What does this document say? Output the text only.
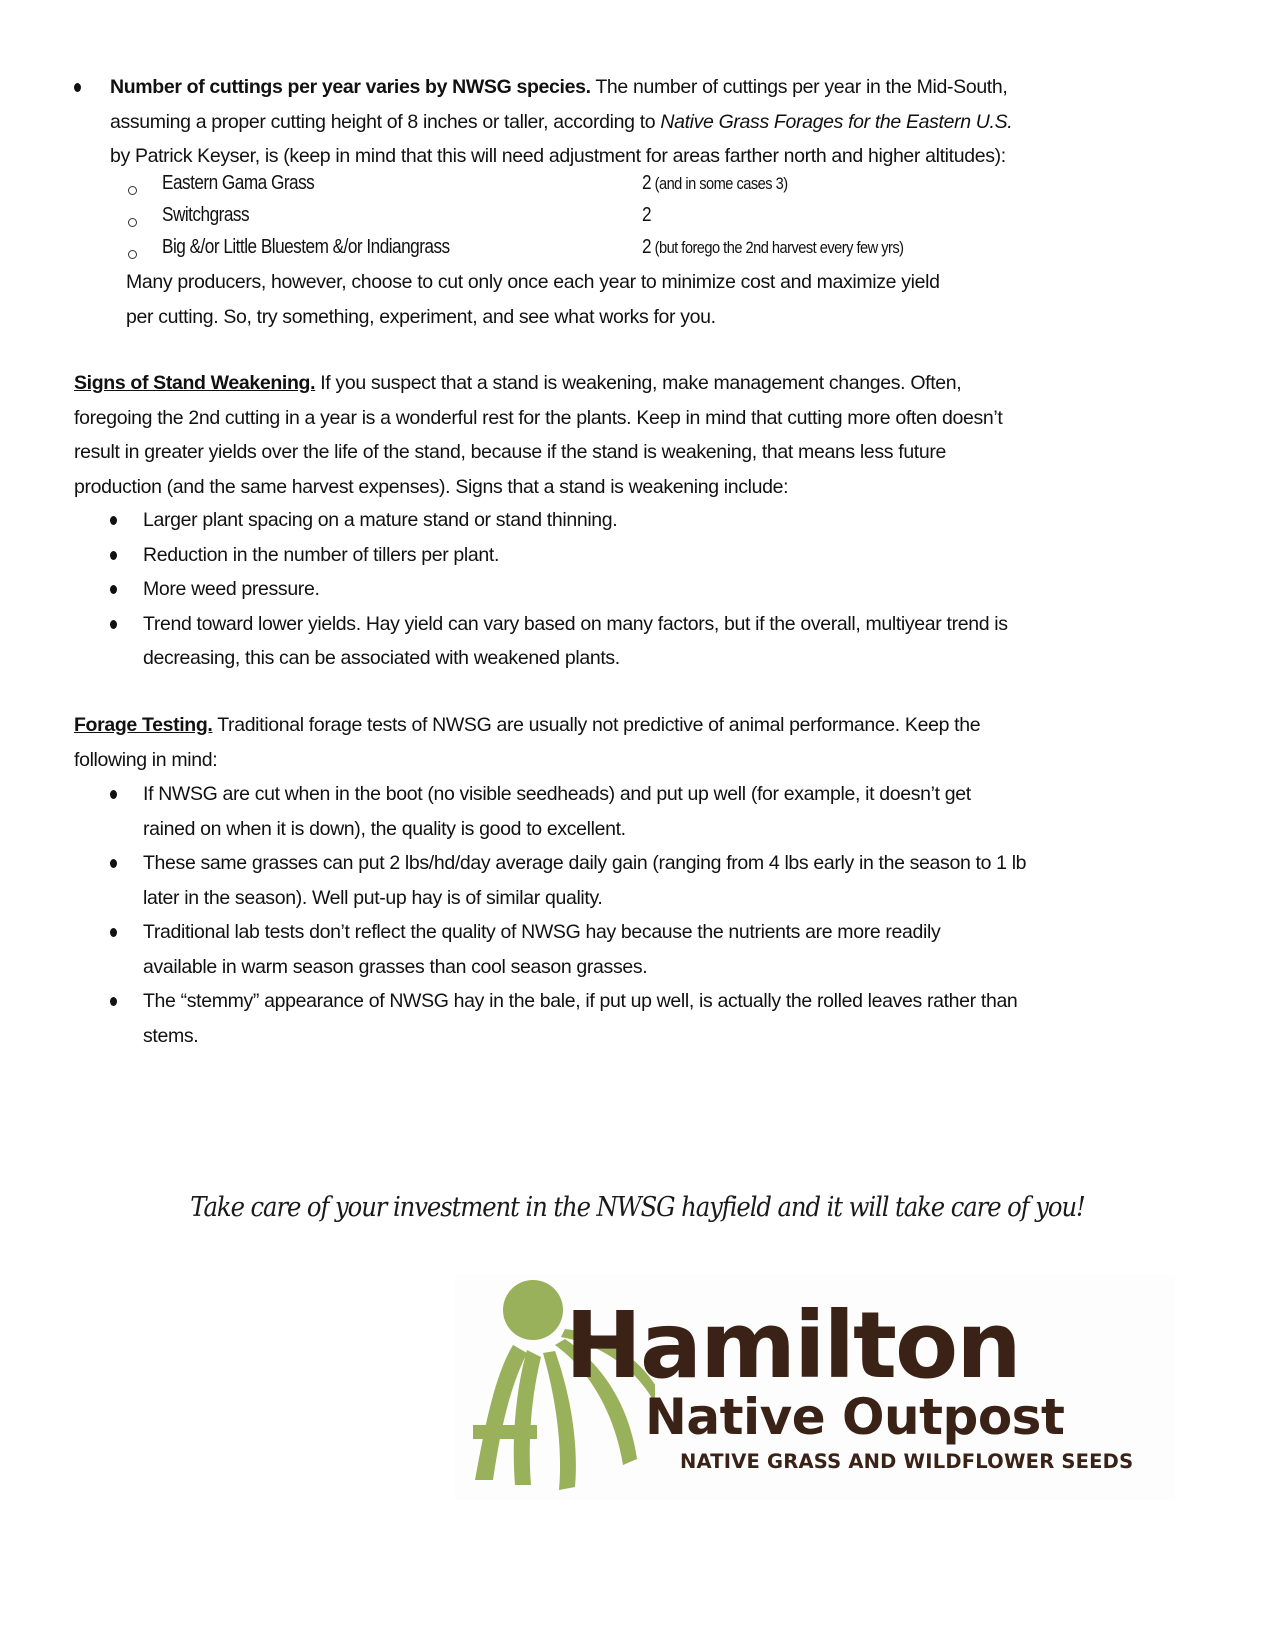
Number of cuttings per year varies by NWSG species. The number of cuttings per year in the Mid-South,
assuming a proper cutting height of 8 inches or taller, according to Native Grass Forages for the Eastern U.S.
by Patrick Keyser, is (keep in mind that this will need adjustment for areas farther north and higher altitudes):
Eastern Gama Grass	2 (and in some cases 3)
Switchgrass	2
Big &/or Little Bluestem &/or Indiangrass	2 (but forego the 2nd harvest every few yrs)
Many producers, however, choose to cut only once each year to minimize cost and maximize yield
per cutting. So, try something, experiment, and see what works for you.
Signs of Stand Weakening. If you suspect that a stand is weakening, make management changes. Often,
foregoing the 2nd cutting in a year is a wonderful rest for the plants. Keep in mind that cutting more often doesn’t
result in greater yields over the life of the stand, because if the stand is weakening, that means less future
production (and the same harvest expenses). Signs that a stand is weakening include:
Larger plant spacing on a mature stand or stand thinning.
Reduction in the number of tillers per plant.
More weed pressure.
Trend toward lower yields. Hay yield can vary based on many factors, but if the overall, multiyear trend is
decreasing, this can be associated with weakened plants.
Forage Testing. Traditional forage tests of NWSG are usually not predictive of animal performance. Keep the
following in mind:
If NWSG are cut when in the boot (no visible seedheads) and put up well (for example, it doesn’t get
rained on when it is down), the quality is good to excellent.
These same grasses can put 2 lbs/hd/day average daily gain (ranging from 4 lbs early in the season to 1 lb
later in the season). Well put-up hay is of similar quality.
Traditional lab tests don’t reflect the quality of NWSG hay because the nutrients are more readily
available in warm season grasses than cool season grasses.
The “stemmy” appearance of NWSG hay in the bale, if put up well, is actually the rolled leaves rather than
stems.
Take care of your investment in the NWSG hayfield and it will take care of you!
Hamilton
Native Outpost
NATIVE GRASS AND WILDFLOWER SEEDS
